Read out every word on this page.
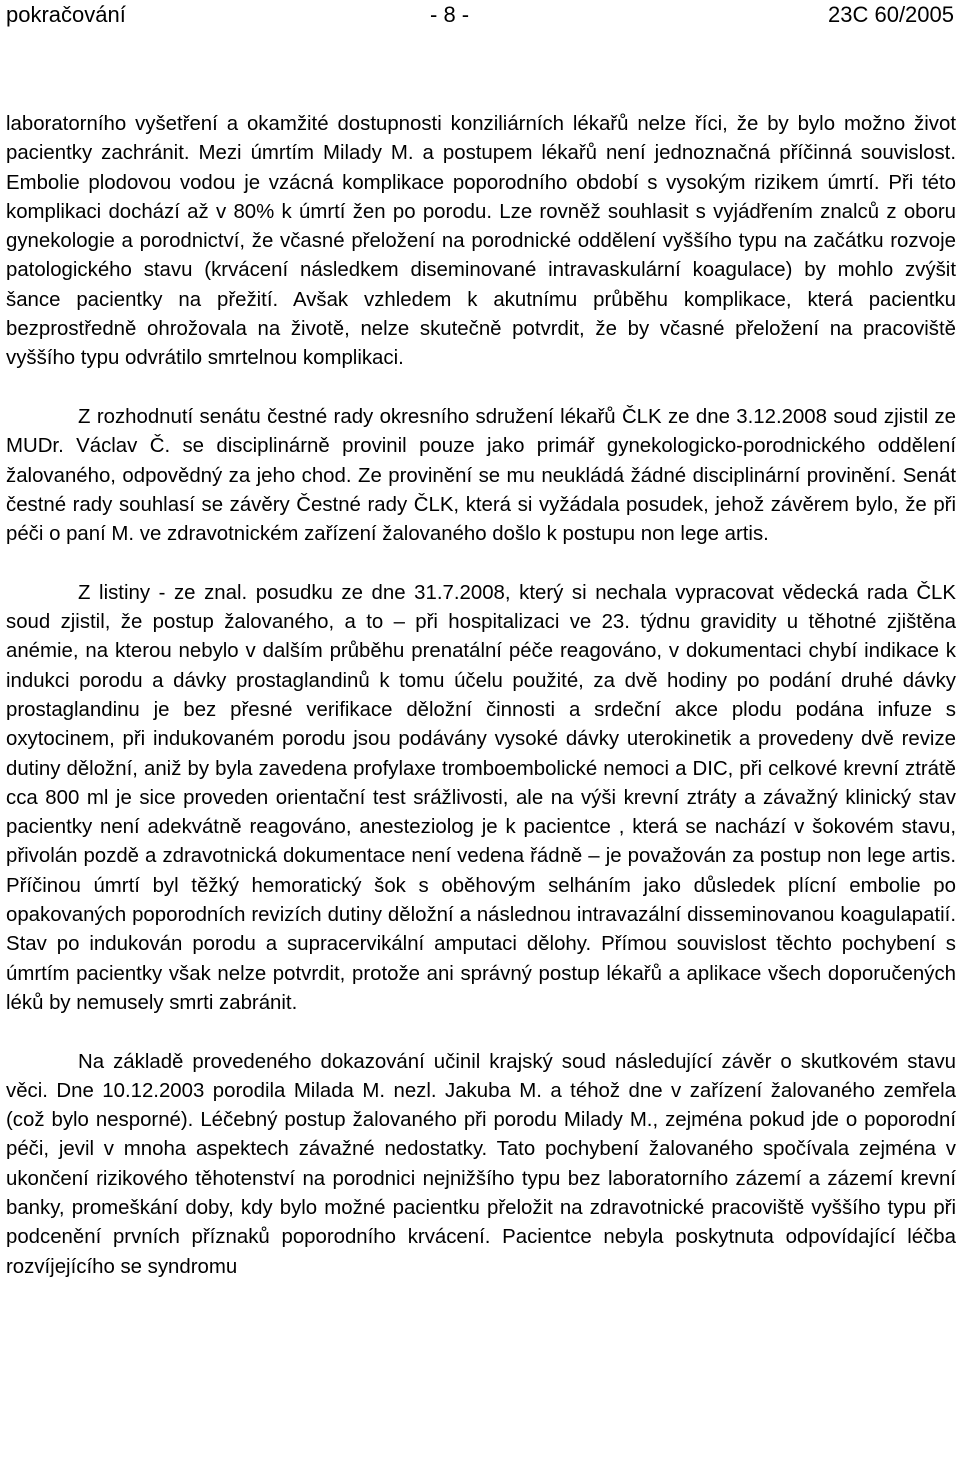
pokračování	- 8 -	23C 60/2005

laboratorního vyšetření a okamžité dostupnosti konziliárních lékařů nelze říci, že by bylo možno život pacientky zachránit. Mezi úmrtím Milady M. a postupem lékařů není jednoznačná příčinná souvislost. Embolie plodovou vodou je vzácná komplikace poporodního období s vysokým rizikem úmrtí. Při této komplikaci dochází až v 80% k úmrtí žen po porodu. Lze rovněž souhlasit s vyjádřením znalců z oboru gynekologie a porodnictví, že včasné přeložení na porodnické oddělení vyššího typu na začátku rozvoje patologického stavu (krvácení následkem diseminované intravaskulární koagulace) by mohlo zvýšit šance pacientky na přežití. Avšak vzhledem k akutnímu průběhu komplikace, která pacientku bezprostředně ohrožovala na životě, nelze skutečně potvrdit, že by včasné přeložení na pracoviště vyššího typu odvrátilo smrtelnou komplikaci.

Z rozhodnutí senátu čestné rady okresního sdružení lékařů ČLK ze dne 3.12.2008 soud zjistil ze MUDr. Václav Č. se disciplinárně provinil pouze jako primář gynekologicko-porodnického oddělení žalovaného, odpovědný za jeho chod. Ze provinění se mu neukládá žádné disciplinární provinění. Senát čestné rady souhlasí se závěry Čestné rady ČLK, která si vyžádala posudek, jehož závěrem bylo, že při péči o paní M. ve zdravotnickém zařízení žalovaného došlo k postupu non lege artis.

Z listiny - ze znal. posudku ze dne 31.7.2008, který si nechala vypracovat vědecká rada ČLK soud zjistil, že postup žalovaného, a to – při hospitalizaci ve 23. týdnu gravidity u těhotné zjištěna anémie, na kterou nebylo v dalším průběhu prenatální péče reagováno, v dokumentaci chybí indikace k indukci porodu a dávky prostaglandinů k tomu účelu použité, za dvě hodiny po podání druhé dávky prostaglandinu je bez přesné verifikace děložní činnosti a srdeční akce plodu podána infuze s oxytocinem, při indukovaném porodu jsou podávány vysoké dávky uterokinetik a provedeny dvě revize dutiny děložní, aniž by byla zavedena profylaxe tromboembolické nemoci a DIC, při celkové krevní ztrátě cca 800 ml je sice proveden orientační test srážlivosti, ale na výši krevní ztráty a závažný klinický stav pacientky není adekvátně reagováno, anesteziolog je k pacientce , která se nachází v šokovém stavu, přivolán pozdě a zdravotnická dokumentace není vedena řádně – je považován za postup non lege artis. Příčinou úmrtí byl těžký hemoratický šok s oběhovým selháním jako důsledek plícní embolie po opakovaných poporodních revizích dutiny děložní a následnou intravazální disseminovanou koagulapatií. Stav po indukován porodu a supracervikální amputaci dělohy. Přímou souvislost těchto pochybení s úmrtím pacientky však nelze potvrdit, protože ani správný postup lékařů a aplikace všech doporučených léků by nemusely smrti zabránit.

Na základě provedeného dokazování učinil krajský soud následující závěr o skutkovém stavu věci. Dne 10.12.2003 porodila Milada M. nezl. Jakuba M. a téhož dne v zařízení žalovaného zemřela (což bylo nesporné). Léčebný postup žalovaného při porodu Milady M., zejména pokud jde o poporodní péči, jevil v mnoha aspektech závažné nedostatky. Tato pochybení žalovaného spočívala zejména v ukončení rizikového těhotenství na porodnici nejnižšího typu bez laboratorního zázemí a zázemí krevní banky, promeškání doby, kdy bylo možné pacientku přeložit na zdravotnické pracoviště vyššího typu při podcenění prvních příznaků poporodního krvácení. Pacientce nebyla poskytnuta odpovídající léčba rozvíjejícího se syndromu
